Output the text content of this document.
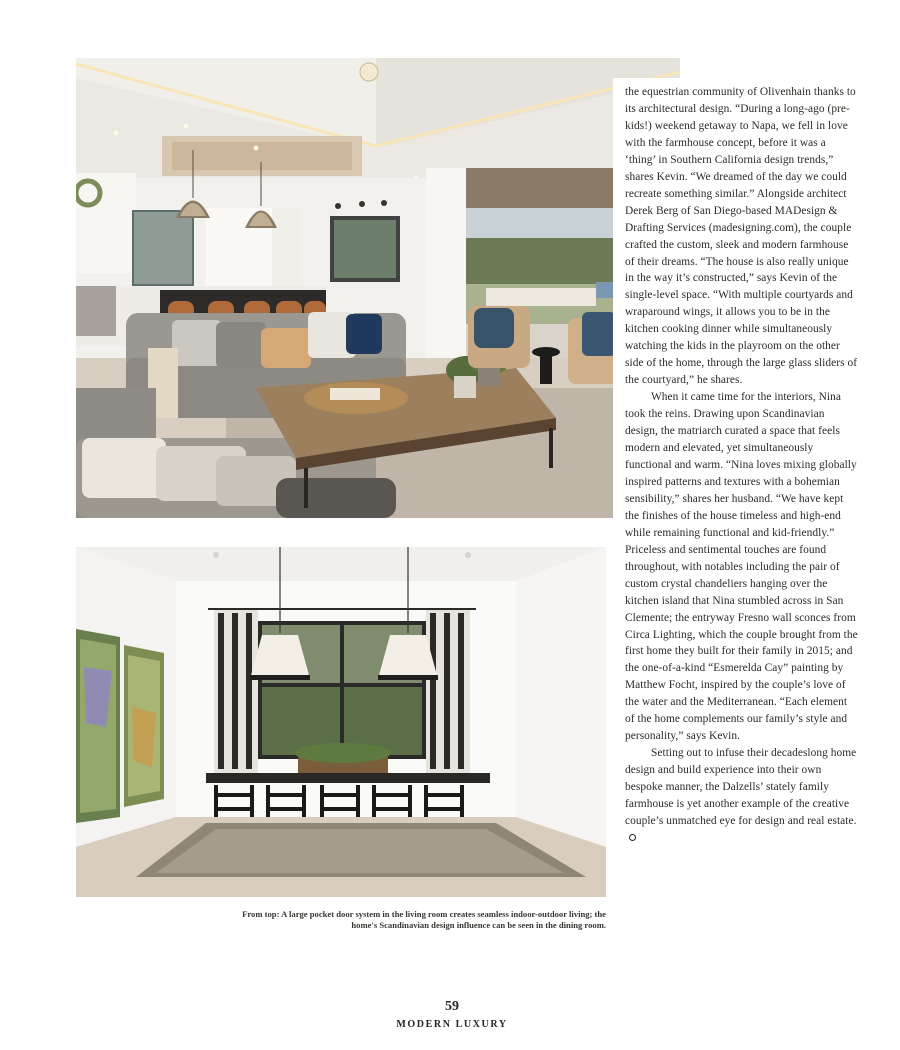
From top: A large pocket door system in the living room creates seamless indoor-outdoor living; the home's Scandinavian design influence can be seen in the dining room.

the equestrian community of Olivenhain thanks to its architectural design. “During a long-ago (pre-kids!) weekend getaway to Napa, we fell in love with the farmhouse concept, before it was a ‘thing’ in Southern California design trends,” shares Kevin. “We dreamed of the day we could recreate something similar.” Alongside architect Derek Berg of San Diego-based MADesign & Drafting Services (madesigning.com), the couple crafted the custom, sleek and modern farmhouse of their dreams. “The house is also really unique in the way it’s constructed,” says Kevin of the single-level space. “With multiple courtyards and wraparound wings, it allows you to be in the kitchen cooking dinner while simultaneously watching the kids in the playroom on the other side of the home, through the large glass sliders of the courtyard,” he shares.

When it came time for the interiors, Nina took the reins. Drawing upon Scandinavian design, the matriarch curated a space that feels modern and elevated, yet simultaneously functional and warm. “Nina loves mixing globally inspired patterns and textures with a bohemian sensibility,” shares her husband. “We have kept the finishes of the house timeless and high-end while remaining functional and kid-friendly.” Priceless and sentimental touches are found throughout, with notables including the pair of custom crystal chandeliers hanging over the kitchen island that Nina stumbled across in San Clemente; the entryway Fresno wall sconces from Circa Lighting, which the couple brought from the first home they built for their family in 2015; and the one-of-a-kind “Esmerelda Cay” painting by Matthew Focht, inspired by the couple’s love of the water and the Mediterranean. “Each element of the home complements our family’s style and personality,” says Kevin.

Setting out to infuse their decadeslong home design and build experience into their own bespoke manner, the Dalzells’ stately family farmhouse is yet another example of the creative couple’s unmatched eye for design and real estate.

59
MODERN LUXURY
